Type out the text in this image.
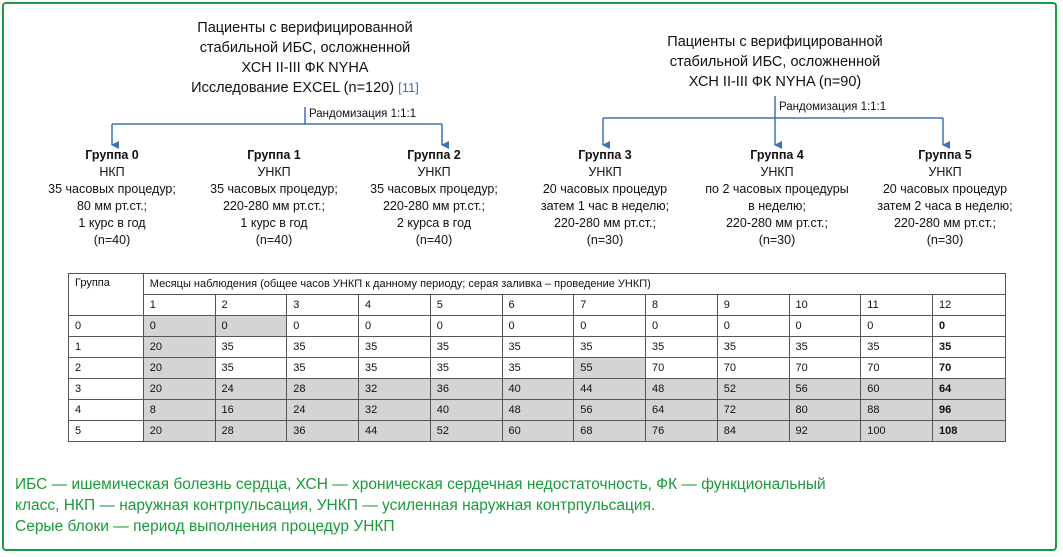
Пациенты с верифицированной
стабильной ИБС, осложненной
ХСН II-III ФК NYHA
Исследование EXCEL (n=120) [11]
Рандомизация 1:1:1
Пациенты с верифицированной
стабильной ИБС, осложненной
ХСН II-III ФК NYHA (n=90)
Рандомизация 1:1:1
Группа 0
НКП
35 часовых процедур;
80 мм рт.ст.;
1 курс в год
(n=40)
Группа 1
УНКП
35 часовых процедур;
220-280 мм рт.ст.;
1 курс в год
(n=40)
Группа 2
УНКП
35 часовых процедур;
220-280 мм рт.ст.;
2 курса в год
(n=40)
Группа 3
УНКП
20 часовых процедур
затем 1 час в неделю;
220-280 мм рт.ст.;
(n=30)
Группа 4
УНКП
по 2 часовых процедуры
в неделю;
220-280 мм рт.ст.;
(n=30)
Группа 5
УНКП
20 часовых процедур
затем 2 часа в неделю;
220-280 мм рт.ст.;
(n=30)
Группа	Месяцы наблюдения (общее часов УНКП к данному периоду; серая заливка – проведение УНКП)											
	1	2	3	4	5	6	7	8	9	10	11	12
0	0	0	0	0	0	0	0	0	0	0	0	0
1	20	35	35	35	35	35	35	35	35	35	35	35
2	20	35	35	35	35	35	55	70	70	70	70	70
3	20	24	28	32	36	40	44	48	52	56	60	64
4	8	16	24	32	40	48	56	64	72	80	88	96
5	20	28	36	44	52	60	68	76	84	92	100	108
ИБС — ишемическая болезнь сердца, ХСН — хроническая сердечная недостаточность, ФК — функциональный
класс, НКП — наружная контрпульсация, УНКП — усиленная наружная контрпульсация.
Серые блоки — период выполнения процедур УНКП
